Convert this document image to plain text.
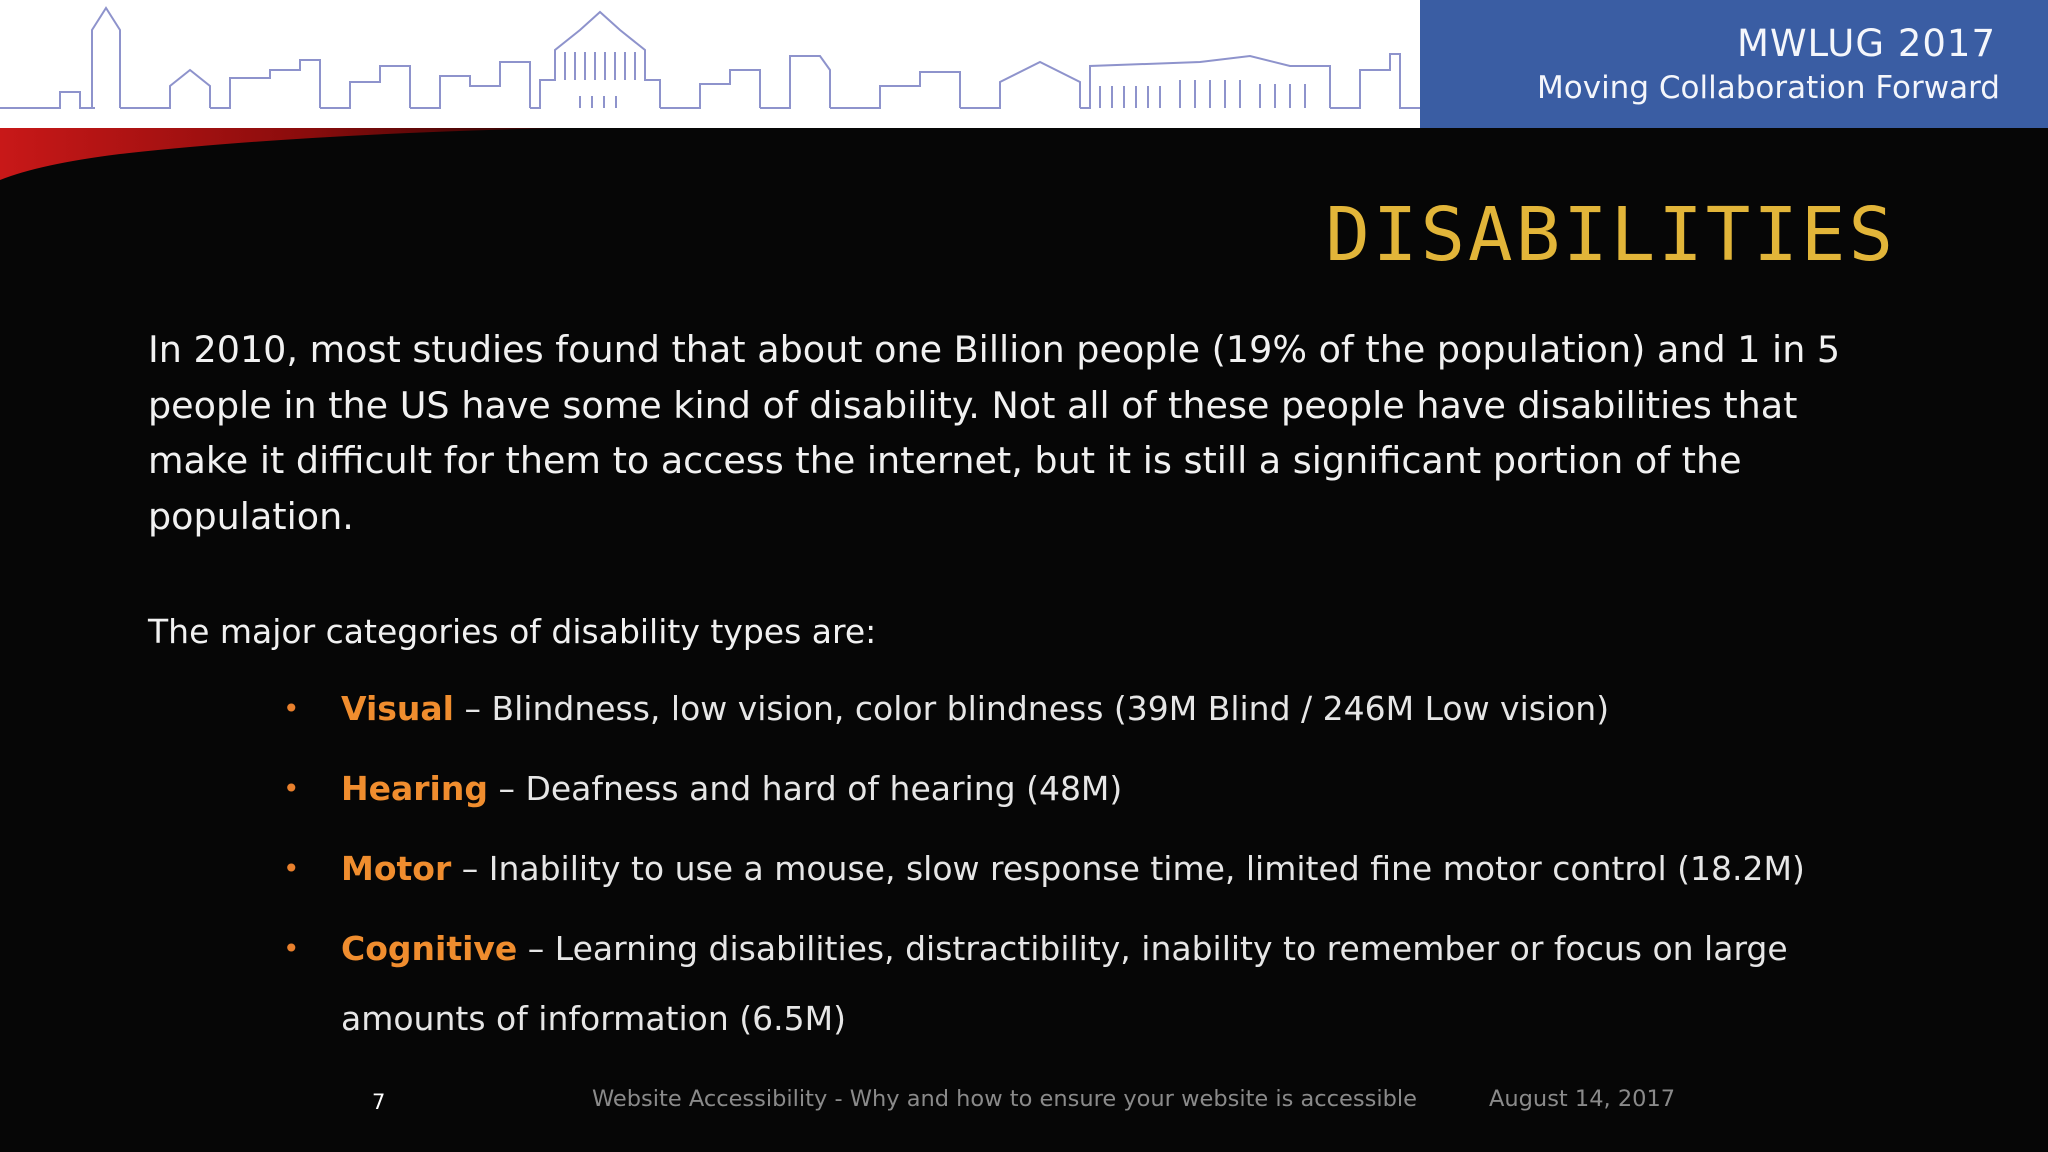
MWLUG 2017
Moving Collaboration Forward
DISABILITIES
In 2010, most studies found that about one Billion people (19% of the population) and 1 in 5 people in the US have some kind of disability. Not all of these people have disabilities that make it difficult for them to access the internet, but it is still a significant portion of the population.
The major categories of disability types are:
• Visual – Blindness, low vision, color blindness (39M Blind / 246M Low vision)
• Hearing – Deafness and hard of hearing (48M)
• Motor – Inability to use a mouse, slow response time, limited fine motor control (18.2M)
• Cognitive – Learning disabilities, distractibility, inability to remember or focus on large
amounts of information (6.5M)
7	Website Accessibility - Why and how to ensure your website is accessible	August 14, 2017
